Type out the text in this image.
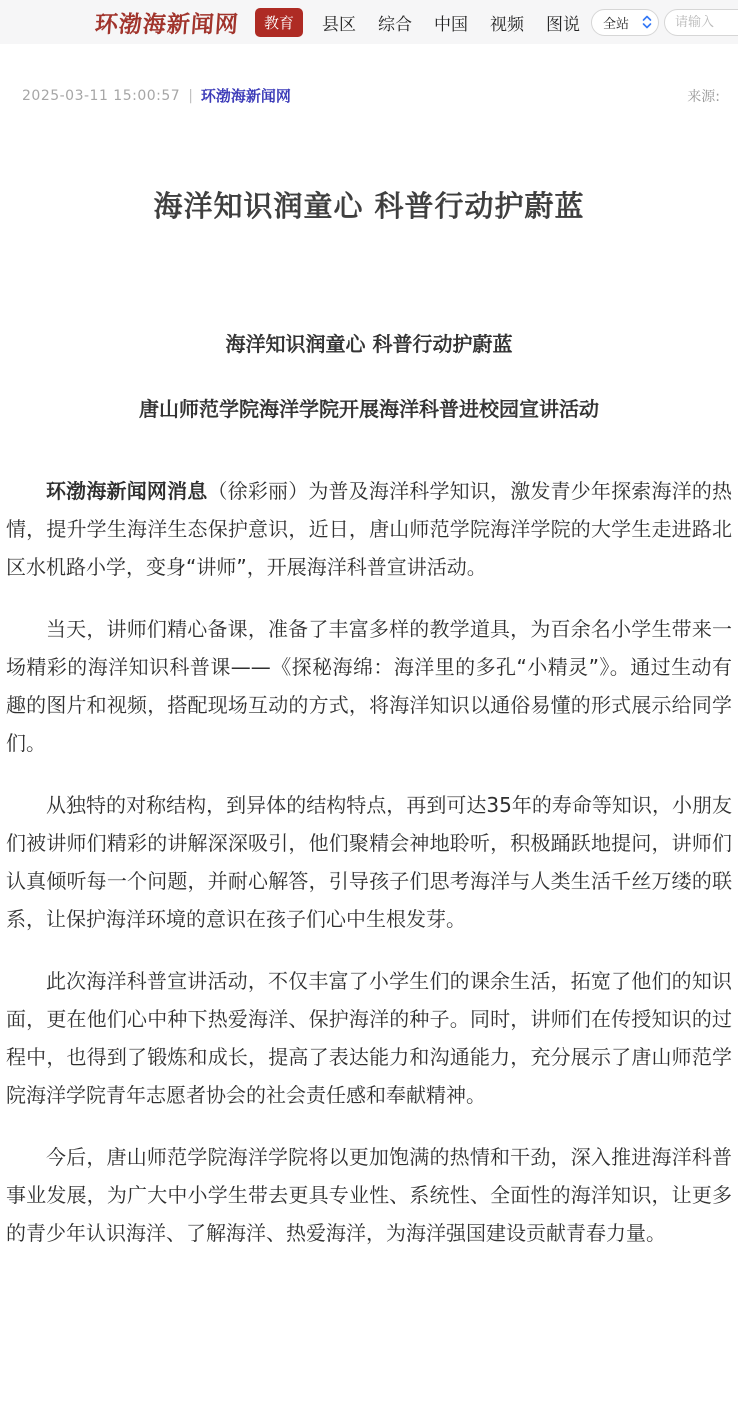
环渤海新闻网	教育	县区	综合	中国	视频	图说	全站
请输入
2025-03-11 15:00:57 | 环渤海新闻网	来源:
海洋知识润童心 科普行动护蔚蓝
海洋知识润童心 科普行动护蔚蓝
唐山师范学院海洋学院开展海洋科普进校园宣讲活动

环渤海新闻网消息（徐彩丽）为普及海洋科学知识，激发青少年探索海洋的热情，提升学生海洋生态保护意识，近日，唐山师范学院海洋学院的大学生走进路北区水机路小学，变身“讲师”，开展海洋科普宣讲活动。

当天，讲师们精心备课，准备了丰富多样的教学道具，为百余名小学生带来一场精彩的海洋知识科普课——《探秘海绵：海洋里的多孔“小精灵”》。通过生动有趣的图片和视频，搭配现场互动的方式，将海洋知识以通俗易懂的形式展示给同学们。

从独特的对称结构，到异体的结构特点，再到可达35年的寿命等知识，小朋友们被讲师们精彩的讲解深深吸引，他们聚精会神地聆听，积极踊跃地提问，讲师们认真倾听每一个问题，并耐心解答，引导孩子们思考海洋与人类生活千丝万缕的联系，让保护海洋环境的意识在孩子们心中生根发芽。

此次海洋科普宣讲活动，不仅丰富了小学生们的课余生活，拓宽了他们的知识面，更在他们心中种下热爱海洋、保护海洋的种子。同时，讲师们在传授知识的过程中，也得到了锻炼和成长，提高了表达能力和沟通能力，充分展示了唐山师范学院海洋学院青年志愿者协会的社会责任感和奉献精神。

今后，唐山师范学院海洋学院将以更加饱满的热情和干劲，深入推进海洋科普事业发展，为广大中小学生带去更具专业性、系统性、全面性的海洋知识，让更多的青少年认识海洋、了解海洋、热爱海洋，为海洋强国建设贡献青春力量。
